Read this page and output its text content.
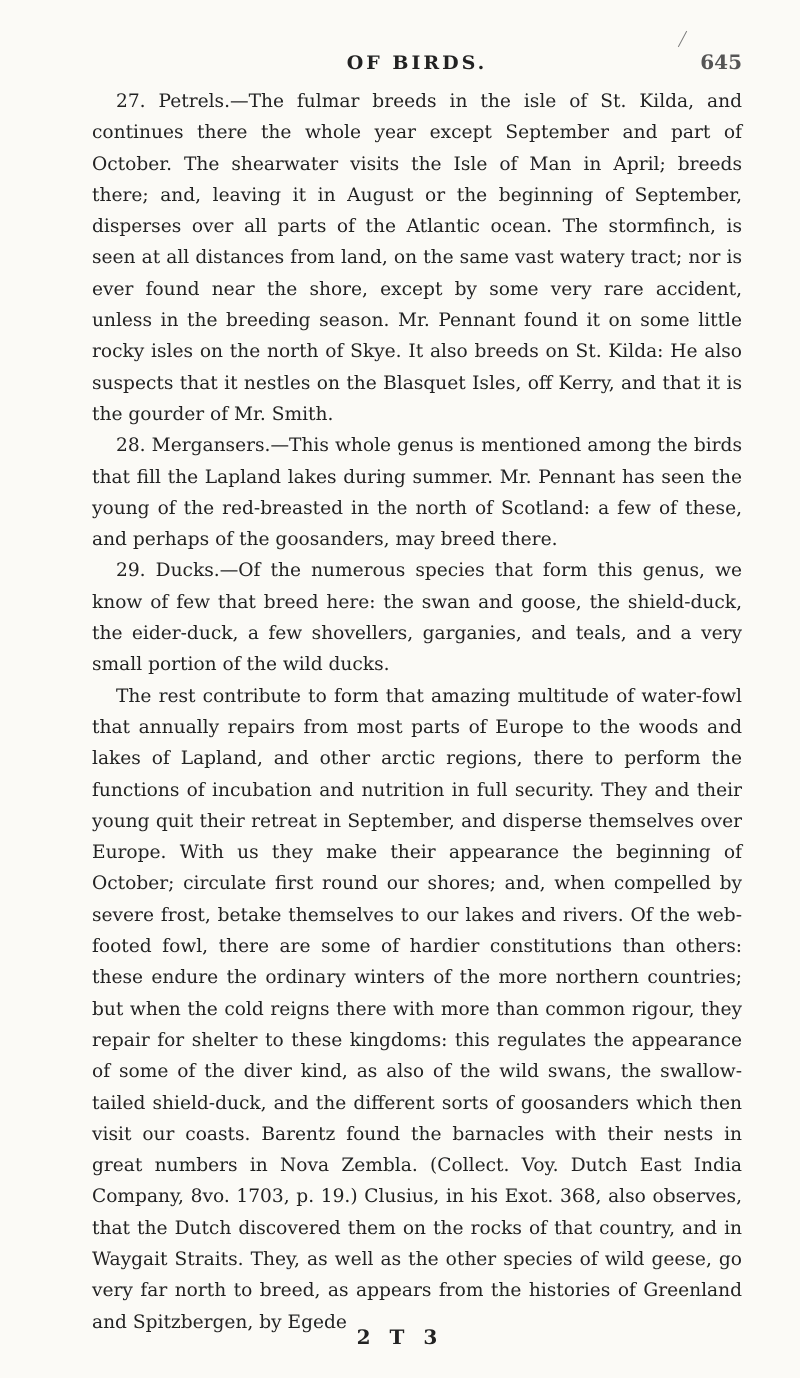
OF BIRDS.	645

27. Petrels.—The fulmar breeds in the isle of St. Kilda, and continues there the whole year except September and part of October. The shearwater visits the Isle of Man in April; breeds there; and, leaving it in August or the beginning of September, disperses over all parts of the Atlantic ocean. The stormfinch, is seen at all distances from land, on the same vast watery tract; nor is ever found near the shore, except by some very rare accident, unless in the breeding season. Mr. Pennant found it on some little rocky isles on the north of Skye. It also breeds on St. Kilda: He also suspects that it nestles on the Blasquet Isles, off Kerry, and that it is the gourder of Mr. Smith.

28. Mergansers.—This whole genus is mentioned among the birds that fill the Lapland lakes during summer. Mr. Pennant has seen the young of the red-breasted in the north of Scotland: a few of these, and perhaps of the goosanders, may breed there.

29. Ducks.—Of the numerous species that form this genus, we know of few that breed here: the swan and goose, the shield-duck, the eider-duck, a few shovellers, garganies, and teals, and a very small portion of the wild ducks.

The rest contribute to form that amazing multitude of water-fowl that annually repairs from most parts of Europe to the woods and lakes of Lapland, and other arctic regions, there to perform the functions of incubation and nutrition in full security. They and their young quit their retreat in September, and disperse themselves over Europe. With us they make their appearance the beginning of October; circulate first round our shores; and, when compelled by severe frost, betake themselves to our lakes and rivers. Of the web-footed fowl, there are some of hardier constitutions than others: these endure the ordinary winters of the more northern countries; but when the cold reigns there with more than common rigour, they repair for shelter to these kingdoms: this regulates the appearance of some of the diver kind, as also of the wild swans, the swallow-tailed shield-duck, and the different sorts of goosanders which then visit our coasts. Barentz found the barnacles with their nests in great numbers in Nova Zembla. (Collect. Voy. Dutch East India Company, 8vo. 1703, p. 19.) Clusius, in his Exot. 368, also observes, that the Dutch discovered them on the rocks of that country, and in Waygait Straits. They, as well as the other species of wild geese, go very far north to breed, as appears from the histories of Greenland and Spitzbergen, by Egede

2 T 3
